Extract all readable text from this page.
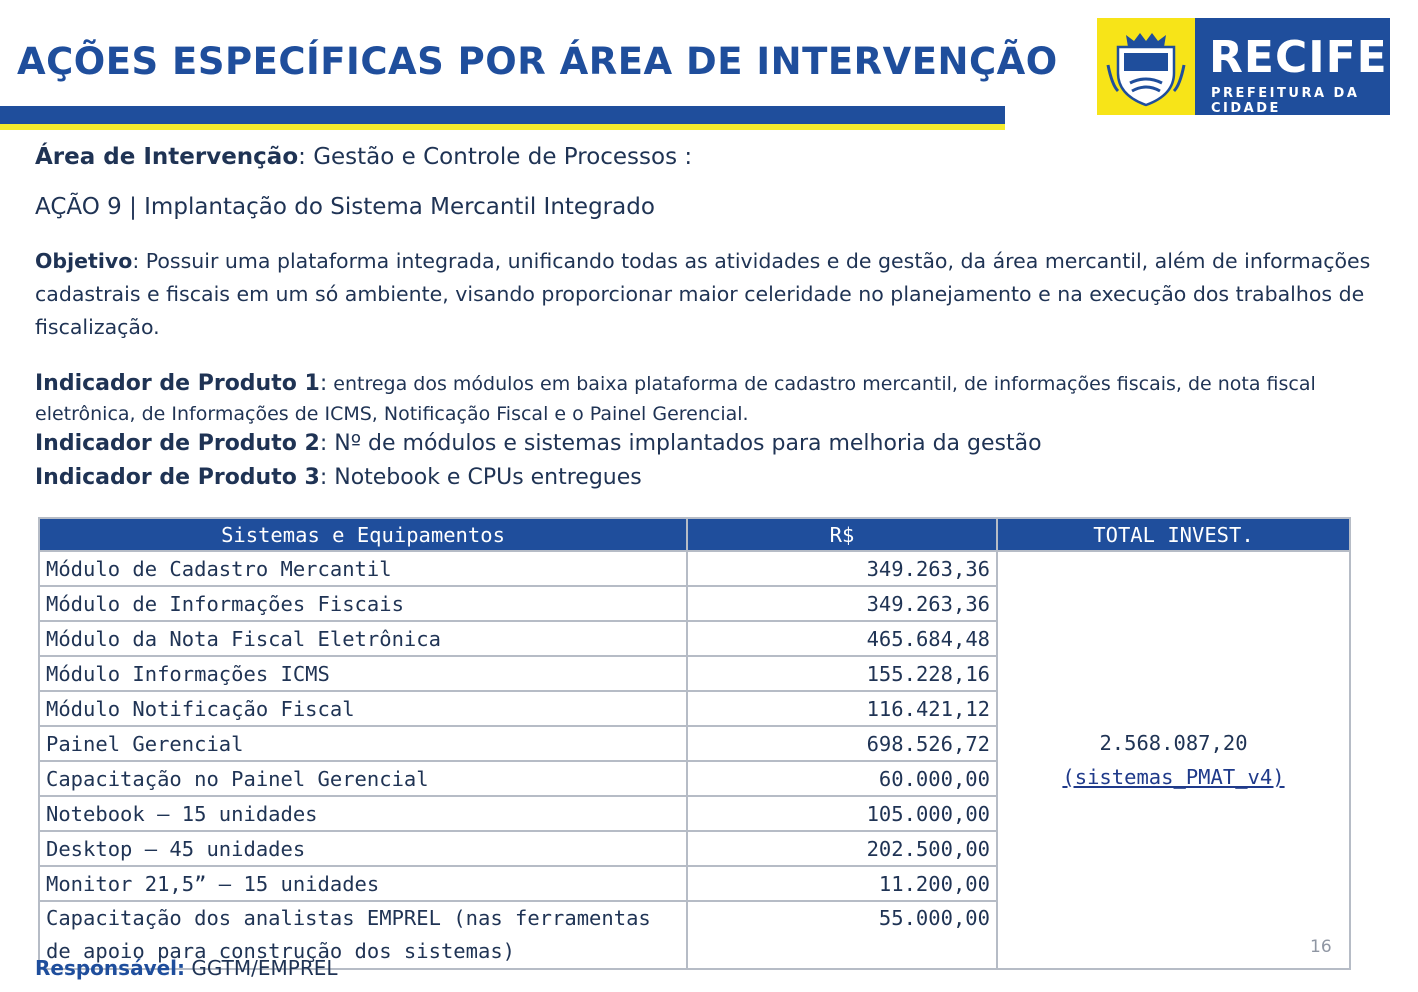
AÇÕES ESPECÍFICAS POR ÁREA DE INTERVENÇÃO	RECIFE
PREFEITURA DA CIDADE
Área de Intervenção: Gestão e Controle de Processos :
AÇÃO 9 | Implantação do Sistema Mercantil Integrado

Objetivo: Possuir uma plataforma integrada, unificando todas as atividades e de gestão, da área mercantil, além de informações cadastrais e fiscais em um só ambiente, visando proporcionar maior celeridade no planejamento e na execução dos trabalhos de fiscalização.

Indicador de Produto 1: entrega dos módulos em baixa plataforma de cadastro mercantil, de informações fiscais, de nota fiscal eletrônica, de Informações de ICMS, Notificação Fiscal e o Painel Gerencial.

Indicador de Produto 2: Nº de módulos e sistemas implantados para melhoria da gestão
Indicador de Produto 3: Notebook e CPUs entregues
Sistemas e Equipamentos	R$	TOTAL INVEST.
Módulo de Cadastro Mercantil	349.263,36	2.568.087,20
(sistemas_PMAT_v4)

Módulo de Informações Fiscais	349.263,36	
Módulo da Nota Fiscal Eletrônica	465.684,48	
Módulo Informações ICMS	155.228,16	
Módulo Notificação Fiscal	116.421,12	
Painel Gerencial	698.526,72	
Capacitação no Painel Gerencial	60.000,00	
Notebook – 15 unidades	105.000,00	
Desktop – 45 unidades	202.500,00	
Monitor 21,5” – 15 unidades	11.200,00	
Capacitação dos analistas EMPREL (nas ferramentas de apoio para construção dos sistemas)	55.000,00	
Responsável: GGTM/EMPREL
16
